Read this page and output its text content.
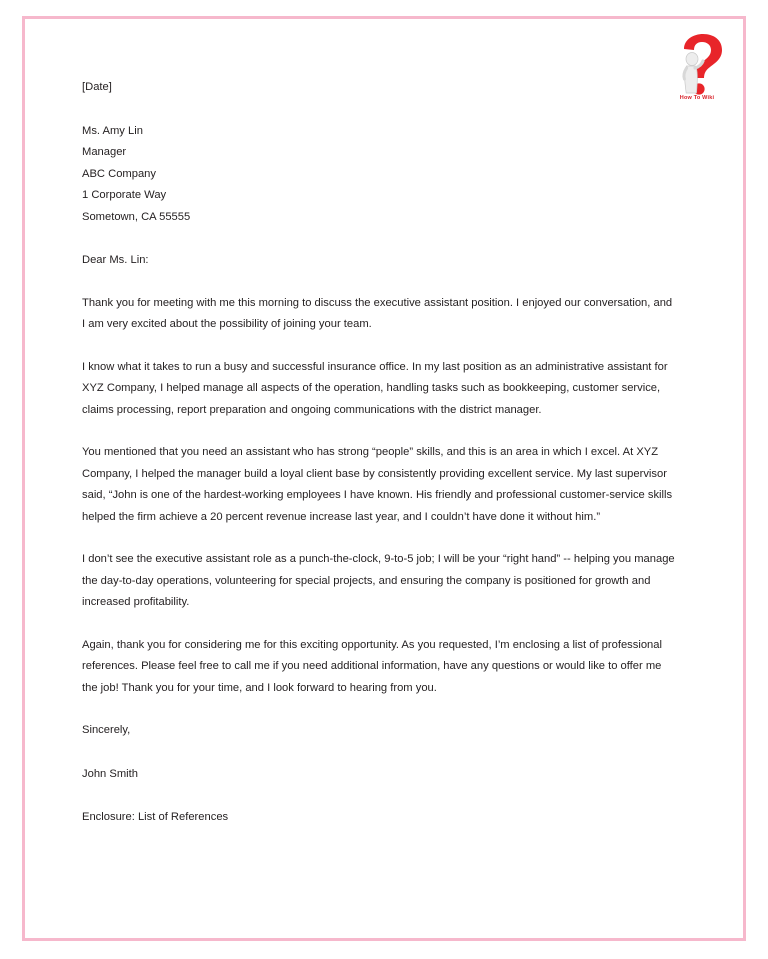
How To Wiki

[Date]

Ms. Amy Lin

Manager

ABC Company

1 Corporate Way

Sometown, CA 55555

Dear Ms. Lin:

Thank you for meeting with me this morning to discuss the executive assistant position. I enjoyed our conversation, and I am very excited about the possibility of joining your team.

I know what it takes to run a busy and successful insurance office. In my last position as an administrative assistant for XYZ Company, I helped manage all aspects of the operation, handling tasks such as bookkeeping, customer service, claims processing, report preparation and ongoing communications with the district manager.

You mentioned that you need an assistant who has strong “people” skills, and this is an area in which I excel. At XYZ Company, I helped the manager build a loyal client base by consistently providing excellent service. My last supervisor said, “John is one of the hardest-working employees I have known. His friendly and professional customer-service skills helped the firm achieve a 20 percent revenue increase last year, and I couldn’t have done it without him.”

I don’t see the executive assistant role as a punch-the-clock, 9-to-5 job; I will be your “right hand” -- helping you manage the day-to-day operations, volunteering for special projects, and ensuring the company is positioned for growth and increased profitability.

Again, thank you for considering me for this exciting opportunity. As you requested, I’m enclosing a list of professional references. Please feel free to call me if you need additional information, have any questions or would like to offer me the job! Thank you for your time, and I look forward to hearing from you.

Sincerely,

John Smith

Enclosure: List of References
